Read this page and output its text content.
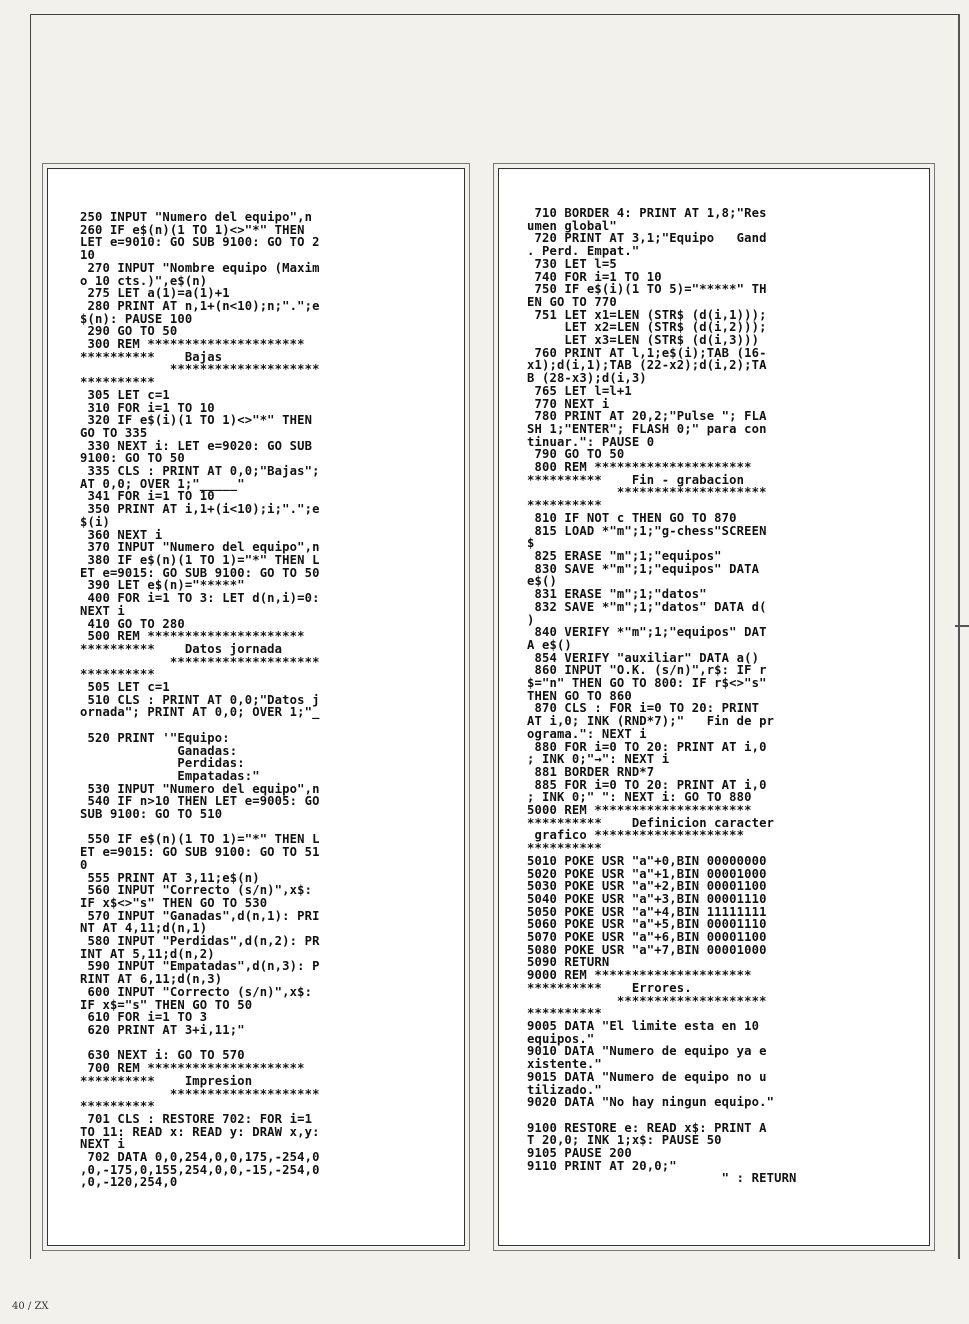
250 INPUT "Numero del equipo",n
260 IF e$(n)(1 TO 1)<>"*" THEN
LET e=9010: GO SUB 9100: GO TO 2
10
270 INPUT "Nombre equipo (Maxim
o 10 cts.)",e$(n)
275 LET a(1)=a(1)+1
280 PRINT AT n,1+(n<10);n;".";e
$(n): PAUSE 100
290 GO TO 50
300 REM *********************
**********    Bajas
********************
**********
305 LET c=1
310 FOR i=1 TO 10
320 IF e$(i)(1 TO 1)<>"*" THEN
GO TO 335
330 NEXT i: LET e=9020: GO SUB
9100: GO TO 50
335 CLS : PRINT AT 0,0;"Bajas";
AT 0,0; OVER 1;"_____"
341 FOR i=1 TO 10
350 PRINT AT i,1+(i<10);i;".";e
$(i)
360 NEXT i
370 INPUT "Numero del equipo",n
380 IF e$(n)(1 TO 1)="*" THEN L
ET e=9015: GO SUB 9100: GO TO 50
390 LET e$(n)="*****"
400 FOR i=1 TO 3: LET d(n,i)=0:
NEXT i
410 GO TO 280
500 REM *********************
**********    Datos jornada
********************
**********
505 LET c=1
510 CLS : PRINT AT 0,0;"Datos j
ornada"; PRINT AT 0,0; OVER 1;"_

520 PRINT '"Equipo:
Ganadas:
Perdidas:
Empatadas:"
530 INPUT "Numero del equipo",n
540 IF n>10 THEN LET e=9005: GO
SUB 9100: GO TO 510

550 IF e$(n)(1 TO 1)="*" THEN L
ET e=9015: GO SUB 9100: GO TO 51
0
555 PRINT AT 3,11;e$(n)
560 INPUT "Correcto (s/n)",x$:
IF x$<>"s" THEN GO TO 530
570 INPUT "Ganadas",d(n,1): PRI
NT AT 4,11;d(n,1)
580 INPUT "Perdidas",d(n,2): PR
INT AT 5,11;d(n,2)
590 INPUT "Empatadas",d(n,3): P
RINT AT 6,11;d(n,3)
600 INPUT "Correcto (s/n)",x$:
IF x$="s" THEN GO TO 50
610 FOR i=1 TO 3
620 PRINT AT 3+i,11;"

630 NEXT i: GO TO 570
700 REM *********************
**********    Impresion
********************
**********
701 CLS : RESTORE 702: FOR i=1
TO 11: READ x: READ y: DRAW x,y:
NEXT i
702 DATA 0,0,254,0,0,175,-254,0
,0,-175,0,155,254,0,0,-15,-254,0
,0,-120,254,0
710 BORDER 4: PRINT AT 1,8;"Res
umen global"
720 PRINT AT 3,1;"Equipo   Gand
. Perd. Empat."
730 LET l=5
740 FOR i=1 TO 10
750 IF e$(i)(1 TO 5)="*****" TH
EN GO TO 770
751 LET x1=LEN (STR$ (d(i,1)));
LET x2=LEN (STR$ (d(i,2)));
LET x3=LEN (STR$ (d(i,3)))
760 PRINT AT l,1;e$(i);TAB (16-
x1);d(i,1);TAB (22-x2);d(i,2);TA
B (28-x3);d(i,3)
765 LET l=l+1
770 NEXT i
780 PRINT AT 20,2;"Pulse "; FLA
SH 1;"ENTER"; FLASH 0;" para con
tinuar.": PAUSE 0
790 GO TO 50
800 REM *********************
**********    Fin - grabacion
********************
**********
810 IF NOT c THEN GO TO 870
815 LOAD *"m";1;"g-chess"SCREEN
$
825 ERASE "m";1;"equipos"
830 SAVE *"m";1;"equipos" DATA
e$()
831 ERASE "m";1;"datos"
832 SAVE *"m";1;"datos" DATA d(
)
840 VERIFY *"m";1;"equipos" DAT
A e$()
854 VERIFY "auxiliar" DATA a()
860 INPUT "O.K. (s/n)",r$: IF r
$="n" THEN GO TO 800: IF r$<>"s"
THEN GO TO 860
870 CLS : FOR i=0 TO 20: PRINT
AT i,0; INK (RND*7);"   Fin de pr
ograma.": NEXT i
880 FOR i=0 TO 20: PRINT AT i,0
; INK 0;"→": NEXT i
881 BORDER RND*7
885 FOR i=0 TO 20: PRINT AT i,0
; INK 0;" ": NEXT i: GO TO 880
5000 REM *********************
**********    Definicion caracter
grafico ********************
**********
5010 POKE USR "a"+0,BIN 00000000
5020 POKE USR "a"+1,BIN 00001000
5030 POKE USR "a"+2,BIN 00001100
5040 POKE USR "a"+3,BIN 00001110
5050 POKE USR "a"+4,BIN 11111111
5060 POKE USR "a"+5,BIN 00001110
5070 POKE USR "a"+6,BIN 00001100
5080 POKE USR "a"+7,BIN 00001000
5090 RETURN
9000 REM *********************
**********    Errores.
********************
**********
9005 DATA "El limite esta en 10
equipos."
9010 DATA "Numero de equipo ya e
xistente."
9015 DATA "Numero de equipo no u
tilizado."
9020 DATA "No hay ningun equipo."

9100 RESTORE e: READ x$: PRINT A
T 20,0; INK 1;x$: PAUSE 50
9105 PAUSE 200
9110 PRINT AT 20,0;"
" : RETURN
40 / ZX
